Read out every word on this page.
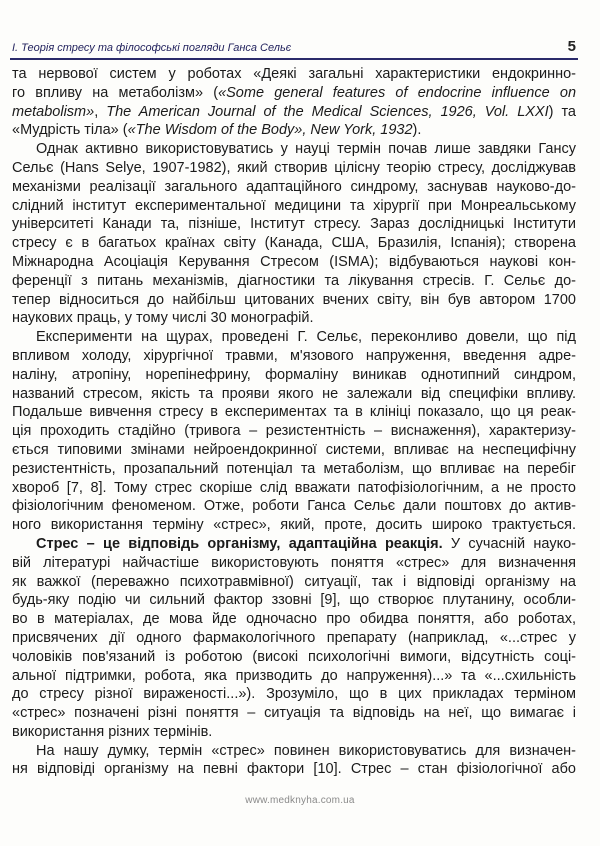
I. Теорія стресу та філософські погляди Ганса Сельє	5
та нервової систем у роботах «Деякі загальні характеристики ендокринно-
го впливу на метаболізм» («Some general features of endocrine influence on
metabolism», The American Journal of the Medical Sciences, 1926, Vol. LXXI) та
«Мудрість тіла» («The Wisdom of the Body», New York, 1932).
Однак активно використовуватись у науці термін почав лише завдяки Гансу
Сельє (Hans Selye, 1907-1982), який створив цілісну теорію стресу, досліджував
механізми реалізації загального адаптаційного синдрому, заснував науково-до-
слідний інститут експериментальної медицини та хірургії при Монреальському
університеті Канади та, пізніше, Інститут стресу. Зараз дослідницькі Інститути
стресу є в багатьох країнах світу (Канада, США, Бразилія, Іспанія); створена
Міжнародна Асоціація Керування Стресом (ISMA); відбуваються наукові кон-
ференції з питань механізмів, діагностики та лікування стресів. Г. Сельє до-
тепер відноситься до найбільш цитованих вчених світу, він був автором 1700
наукових праць, у тому числі 30 монографій.
Експерименти на щурах, проведені Г. Сельє, переконливо довели, що під
впливом холоду, хірургічної травми, м'язового напруження, введення адре-
наліну, атропіну, норепінефрину, формаліну виникав однотипний синдром,
названий стресом, якість та прояви якого не залежали від специфіки впливу.
Подальше вивчення стресу в експериментах та в клініці показало, що ця реак-
ція проходить стадійно (тривога – резистентність – виснаження), характеризу-
ється типовими змінами нейроендокринної системи, впливає на неспецифічну
резистентність, прозапальний потенціал та метаболізм, що впливає на перебіг
хвороб [7, 8]. Тому стрес скоріше слід вважати патофізіологічним, а не просто
фізіологічним феноменом. Отже, роботи Ганса Сельє дали поштовх до актив-
ного використання терміну «стрес», який, проте, досить широко трактується.
Стрес – це відповідь організму, адаптаційна реакція. У сучасній науко-
вій літературі найчастіше використовують поняття «стрес» для визначення
як важкої (переважно психотравмівної) ситуації, так і відповіді організму на
будь-яку подію чи сильний фактор ззовні [9], що створює плутанину, особли-
во в матеріалах, де мова йде одночасно про обидва поняття, або роботах,
присвячених дії одного фармакологічного препарату (наприклад, «...стрес у
чоловіків пов'язаний із роботою (високі психологічні вимоги, відсутність соці-
альної підтримки, робота, яка призводить до напруження)...» та «...схильність
до стресу різної вираженості...»). Зрозуміло, що в цих прикладах терміном
«стрес» позначені різні поняття – ситуація та відповідь на неї, що вимагає і
використання різних термінів.
На нашу думку, термін «стрес» повинен використовуватись для визначен-
ня відповіді організму на певні фактори [10]. Стрес – стан фізіологічної або
www.medknyha.com.ua
